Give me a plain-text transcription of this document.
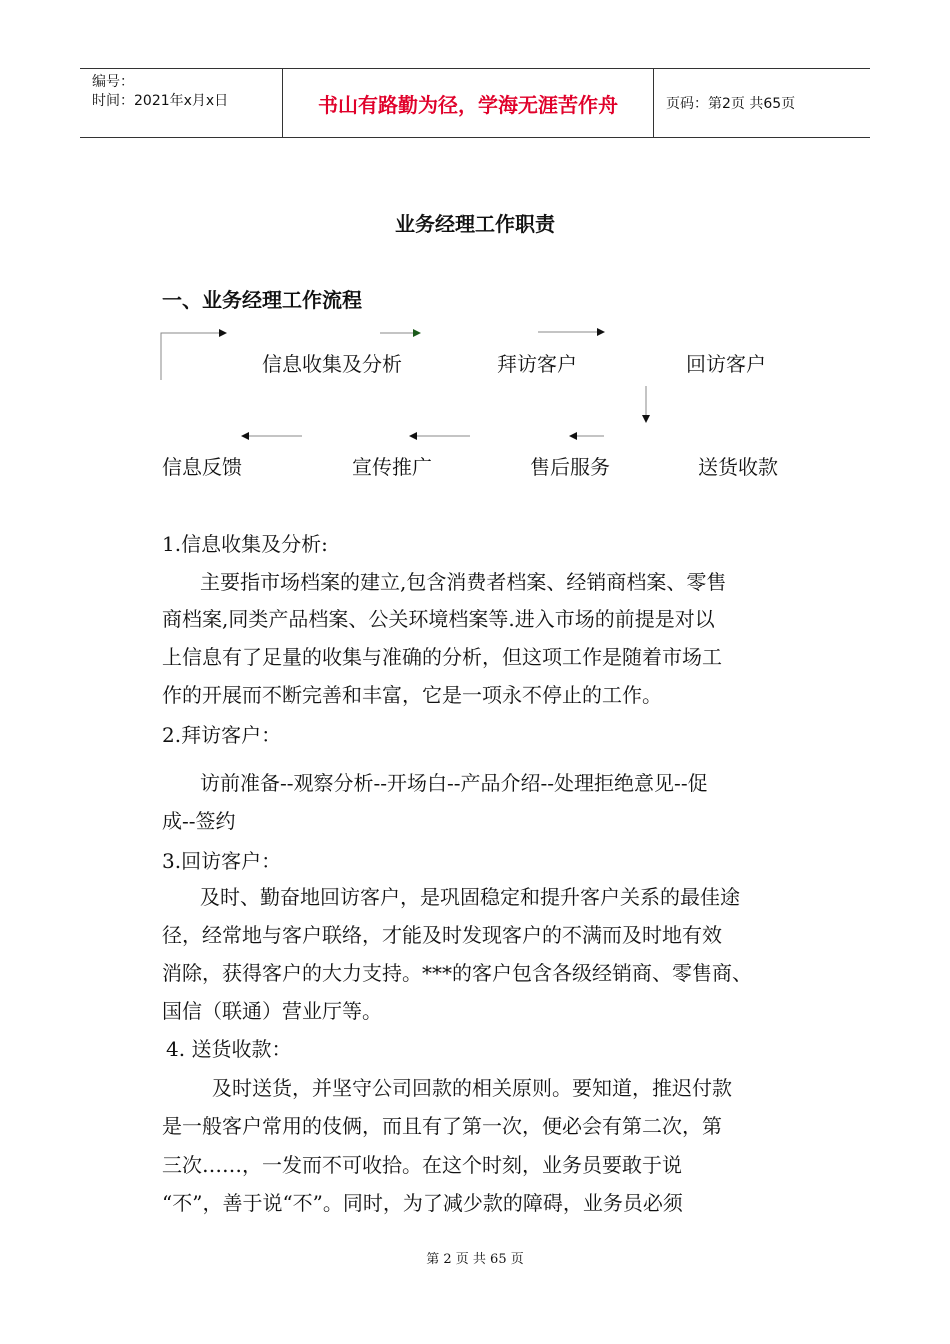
编号：
时间：2021年x月x日	书山有路勤为径，学海无涯苦作舟	页码：第2页 共65页
业务经理工作职责
一、业务经理工作流程
信息收集及分析	拜访客户	回访客户
送货收款
售后服务
宣传推广
信息反馈
1.信息收集及分析:
主要指市场档案的建立,包含消费者档案、经销商档案、零售
商档案,同类产品档案、公关环境档案等.进入市场的前提是对以
上信息有了足量的收集与准确的分析，但这项工作是随着市场工
作的开展而不断完善和丰富，它是一项永不停止的工作。
2.拜访客户：
访前准备--观察分析--开场白--产品介绍--处理拒绝意见--促
成--签约
3.回访客户：
及时、勤奋地回访客户，是巩固稳定和提升客户关系的最佳途
径，经常地与客户联络，才能及时发现客户的不满而及时地有效
消除，获得客户的大力支持。***的客户包含各级经销商、零售商、
国信（联通）营业厅等。
4. 送货收款：
及时送货，并坚守公司回款的相关原则。要知道，推迟付款
是一般客户常用的伎俩，而且有了第一次，便必会有第二次，第
三次……，一发而不可收拾。在这个时刻，业务员要敢于说
“不”，善于说“不”。同时，为了减少款的障碍，业务员必须
第 2 页 共 65 页
